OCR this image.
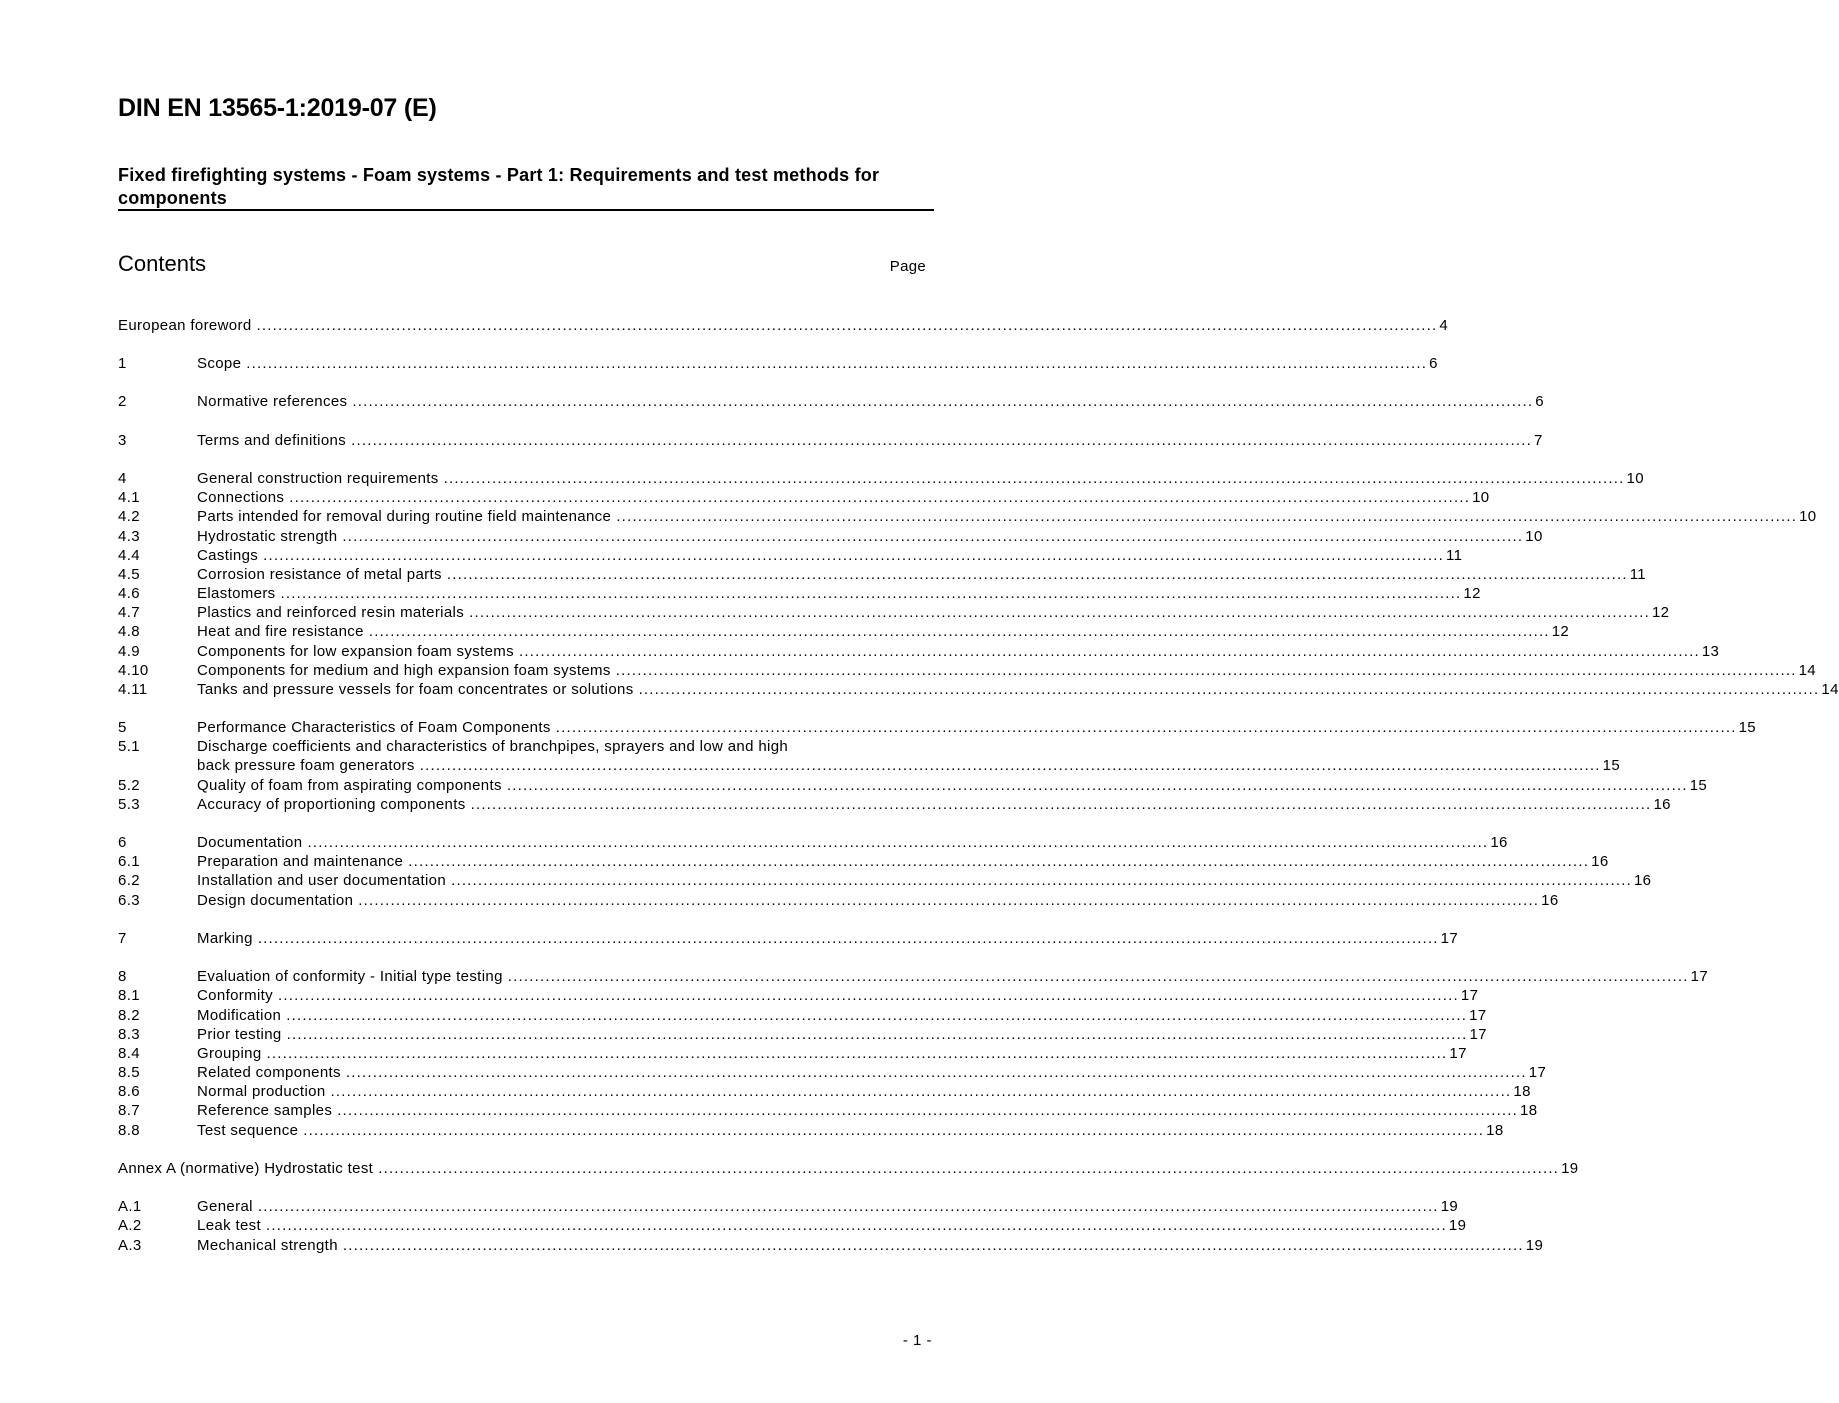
DIN EN 13565-1:2019-07 (E)
Fixed firefighting systems - Foam systems - Part 1: Requirements and test methods for components
Contents	Page
European foreword ............................................................................................................................................................................................................................ 4
1	Scope ............................................................................................................................................................................................................................ 6
2	Normative references ............................................................................................................................................................................................................................ 6
3	Terms and definitions ............................................................................................................................................................................................................................ 7
4	General construction requirements ............................................................................................................................................................................................................................ 10
4.1	Connections ............................................................................................................................................................................................................................ 10
4.2	Parts intended for removal during routine field maintenance ............................................................................................................................................................................................................................ 10
4.3	Hydrostatic strength ............................................................................................................................................................................................................................ 10
4.4	Castings ............................................................................................................................................................................................................................ 11
4.5	Corrosion resistance of metal parts ............................................................................................................................................................................................................................ 11
4.6	Elastomers ............................................................................................................................................................................................................................ 12
4.7	Plastics and reinforced resin materials ............................................................................................................................................................................................................................ 12
4.8	Heat and fire resistance ............................................................................................................................................................................................................................ 12
4.9	Components for low expansion foam systems ............................................................................................................................................................................................................................ 13
4.10	Components for medium and high expansion foam systems ............................................................................................................................................................................................................................ 14
4.11	Tanks and pressure vessels for foam concentrates or solutions ............................................................................................................................................................................................................................ 14
5	Performance Characteristics of Foam Components ............................................................................................................................................................................................................................ 15
5.1	Discharge coefficients and characteristics of branchpipes, sprayers and low and high
back pressure foam generators ............................................................................................................................................................................................................................ 15
5.2	Quality of foam from aspirating components ............................................................................................................................................................................................................................ 15
5.3	Accuracy of proportioning components ............................................................................................................................................................................................................................ 16
6	Documentation ............................................................................................................................................................................................................................ 16
6.1	Preparation and maintenance ............................................................................................................................................................................................................................ 16
6.2	Installation and user documentation ............................................................................................................................................................................................................................ 16
6.3	Design documentation ............................................................................................................................................................................................................................ 16
7	Marking ............................................................................................................................................................................................................................ 17
8	Evaluation of conformity - Initial type testing ............................................................................................................................................................................................................................ 17
8.1	Conformity ............................................................................................................................................................................................................................ 17
8.2	Modification ............................................................................................................................................................................................................................ 17
8.3	Prior testing ............................................................................................................................................................................................................................ 17
8.4	Grouping ............................................................................................................................................................................................................................ 17
8.5	Related components ............................................................................................................................................................................................................................ 17
8.6	Normal production ............................................................................................................................................................................................................................ 18
8.7	Reference samples ............................................................................................................................................................................................................................ 18
8.8	Test sequence ............................................................................................................................................................................................................................ 18
Annex A (normative) Hydrostatic test ............................................................................................................................................................................................................................ 19
A.1	General ............................................................................................................................................................................................................................ 19
A.2	Leak test ............................................................................................................................................................................................................................ 19
A.3	Mechanical strength ............................................................................................................................................................................................................................ 19
- 1 -
